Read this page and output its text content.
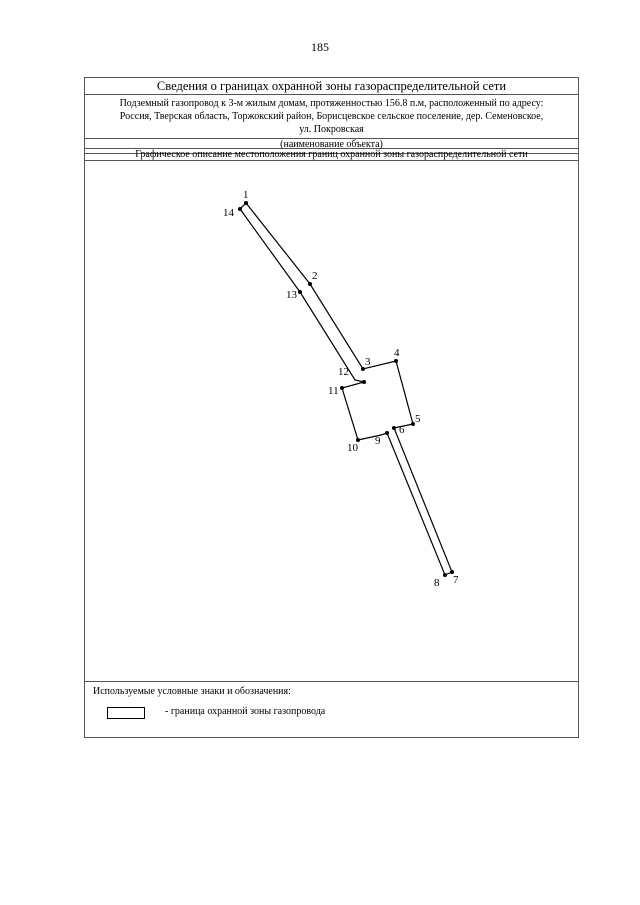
185
Сведения о границах охранной зоны газораспределительной сети
Подземный газопровод к 3-м жилым домам, протяженностью 156.8 п.м, расположенный по адресу:
Россия, Тверская область, Торжокский район, Борисцевское сельское поселение, дер. Семеновское,
ул. Покровская
(наименование объекта)
Графическое описание местоположения границ охранной зоны газораспределительной сети
1
2
3
4
5
6
7
8
9
10
11
12
13
14
Используемые условные знаки и обозначения:
- граница охранной зоны газопровода
